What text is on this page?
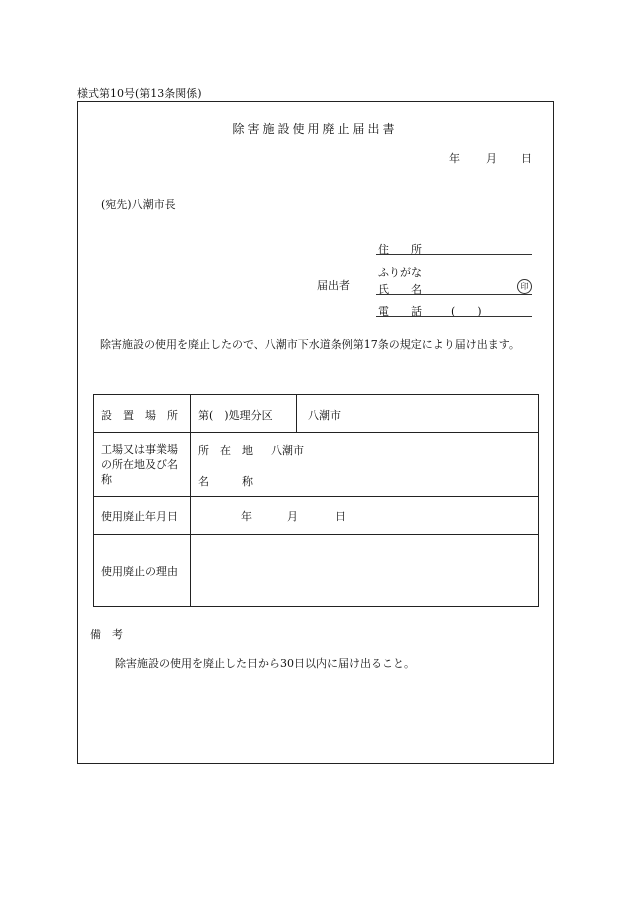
様式第10号(第13条関係)
除害施設使用廃止届出書
年 月 日
(宛先)八潮市長
届出者
住　　所
ふりがな
氏　　名	印
電　　話	(　　)
除害施設の使用を廃止したので、八潮市下水道条例第17条の規定により届け出ます。
設　置　場　所 第(　)処理分区	八潮市
工場又は事業場の所在地及び名称
所　在　地 八潮市
名　　　称
使用廃止年月日	年	月	日
使用廃止の理由
備　考
除害施設の使用を廃止した日から30日以内に届け出ること。
